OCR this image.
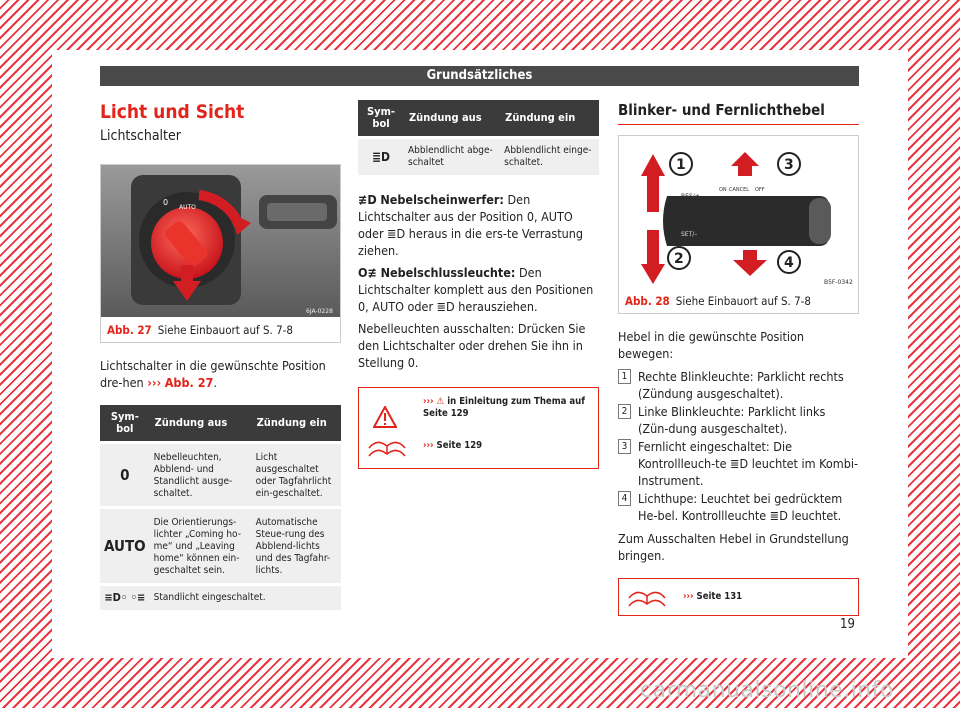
Grundsätzliches
Licht und Sicht
Lichtschalter
0
AUTO
6JA-0228
Abb. 27 Siehe Einbauort auf S. 7-8

Lichtschalter in die gewünschte Position dre-hen ››› Abb. 27.

Sym-bol	Zündung aus	Zündung ein
0	Nebelleuchten, Abblend- und Standlicht ausge-schaltet.	Licht ausgeschaltet oder Tagfahrlicht ein-geschaltet.
AUTO	Die Orientierungs-lichter „Coming ho-me“ und „Leaving home“ können ein-geschaltet sein.	Automatische Steue-rung des Abblend-lichts und des Tagfahr-lichts.
≡D◦ ◦≡	Standlicht eingeschaltet.	
Sym-bol	Zündung aus	Zündung ein
≣D	Abblendlicht abge-schaltet	Abblendlicht einge-schaltet.

≢D Nebelscheinwerfer: Den Lichtschalter aus der Position 0, AUTO oder ≣D heraus in die ers-te Verrastung ziehen.

O≢ Nebelschlussleuchte: Den Lichtschalter komplett aus den Positionen 0, AUTO oder ≣D herausziehen.

Nebelleuchten ausschalten: Drücken Sie den Lichtschalter oder drehen Sie ihn in Stellung 0.

››› ⚠ in Einleitung zum Thema auf Seite 129
››› Seite 129
Blinker- und Fernlichthebel
RES/+
ON CANCEL OFF
SET/–
1
2
3
4
B5F-0342
Abb. 28 Siehe Einbauort auf S. 7-8

Hebel in die gewünschte Position bewegen:

1 Rechte Blinkleuchte: Parklicht rechts (Zündung ausgeschaltet).
2 Linke Blinkleuchte: Parklicht links (Zün-dung ausgeschaltet).
3 Fernlicht eingeschaltet: Die Kontrollleuch-te ≣D leuchtet im Kombi-Instrument.
4 Lichthupe: Leuchtet bei gedrücktem He-bel. Kontrollleuchte ≣D leuchtet.

Zum Ausschalten Hebel in Grundstellung bringen.

››› Seite 131
19
carmanualsonline.info
